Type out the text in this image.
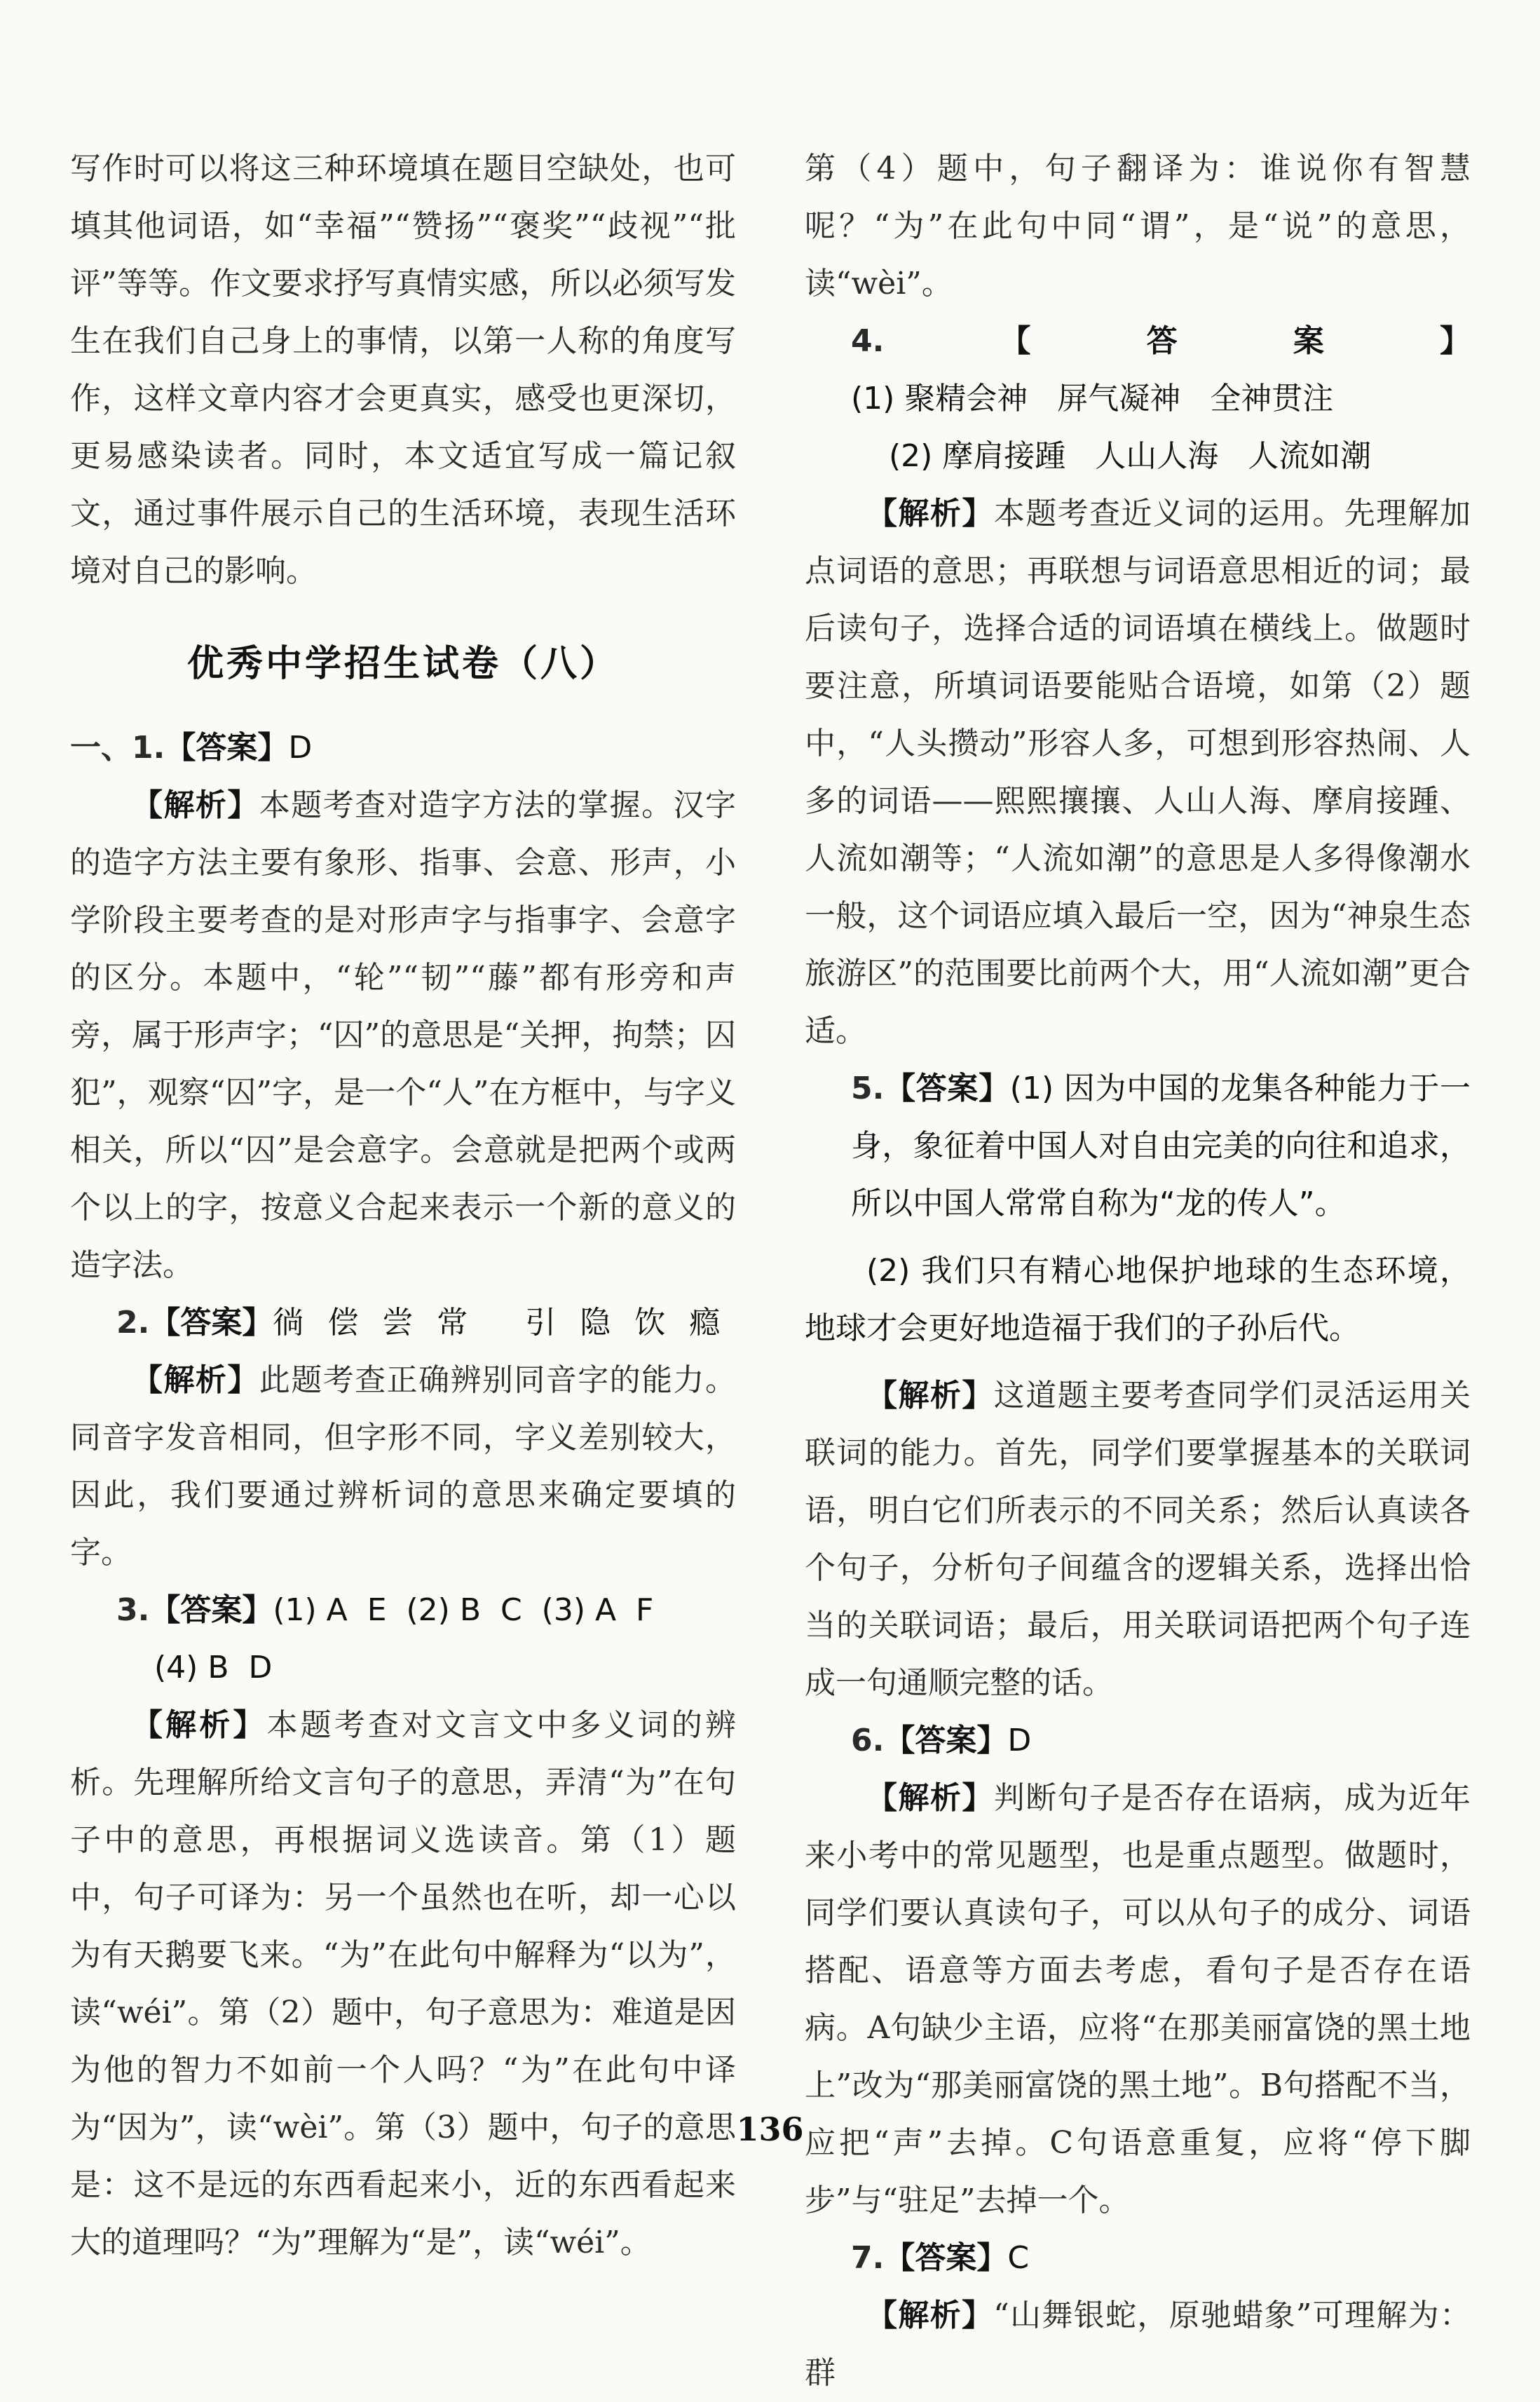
写作时可以将这三种环境填在题目空缺处，也可填其他词语，如“幸福”“赞扬”“褒奖”“歧视”“批评”等等。作文要求抒写真情实感，所以必须写发生在我们自己身上的事情，以第一人称的角度写作，这样文章内容才会更真实，感受也更深切，更易感染读者。同时，本文适宜写成一篇记叙文，通过事件展示自己的生活环境，表现生活环境对自己的影响。

优秀中学招生试卷（八）

一、1.【答案】D

【解析】本题考查对造字方法的掌握。汉字的造字方法主要有象形、指事、会意、形声，小学阶段主要考查的是对形声字与指事字、会意字的区分。本题中，“轮”“韧”“藤”都有形旁和声旁，属于形声字；“囚”的意思是“关押，拘禁；囚犯”，观察“囚”字，是一个“人”在方框中，与字义相关，所以“囚”是会意字。会意就是把两个或两个以上的字，按意义合起来表示一个新的意义的造字法。

2.【答案】徜 偿 尝 常   引 隐 饮 瘾

【解析】此题考查正确辨别同音字的能力。同音字发音相同，但字形不同，字义差别较大，因此，我们要通过辨析词的意思来确定要填的字。

3.【答案】(1) A  E  (2) B  C  (3) A  F

(4) B  D

【解析】本题考查对文言文中多义词的辨析。先理解所给文言句子的意思，弄清“为”在句子中的意思，再根据词义选读音。第（1）题中，句子可译为：另一个虽然也在听，却一心以为有天鹅要飞来。“为”在此句中解释为“以为”，读“wéi”。第（2）题中，句子意思为：难道是因为他的智力不如前一个人吗？“为”在此句中译为“因为”，读“wèi”。第（3）题中，句子的意思是：这不是远的东西看起来小，近的东西看起来大的道理吗？“为”理解为“是”，读“wéi”。

第（4）题中，句子翻译为：谁说你有智慧呢？“为”在此句中同“谓”，是“说”的意思，读“wèi”。

4.【答案】(1) 聚精会神   屏气凝神   全神贯注

(2) 摩肩接踵   人山人海   人流如潮

【解析】本题考查近义词的运用。先理解加点词语的意思；再联想与词语意思相近的词；最后读句子，选择合适的词语填在横线上。做题时要注意，所填词语要能贴合语境，如第（2）题中，“人头攒动”形容人多，可想到形容热闹、人多的词语——熙熙攘攘、人山人海、摩肩接踵、人流如潮等；“人流如潮”的意思是人多得像潮水一般，这个词语应填入最后一空，因为“神泉生态旅游区”的范围要比前两个大，用“人流如潮”更合适。

5.【答案】(1) 因为中国的龙集各种能力于一身，象征着中国人对自由完美的向往和追求，所以中国人常常自称为“龙的传人”。

(2) 我们只有精心地保护地球的生态环境，地球才会更好地造福于我们的子孙后代。

【解析】这道题主要考查同学们灵活运用关联词的能力。首先，同学们要掌握基本的关联词语，明白它们所表示的不同关系；然后认真读各个句子，分析句子间蕴含的逻辑关系，选择出恰当的关联词语；最后，用关联词语把两个句子连成一句通顺完整的话。

6.【答案】D

【解析】判断句子是否存在语病，成为近年来小考中的常见题型，也是重点题型。做题时，同学们要认真读句子，可以从句子的成分、词语搭配、语意等方面去考虑，看句子是否存在语病。A句缺少主语，应将“在那美丽富饶的黑土地上”改为“那美丽富饶的黑土地”。B句搭配不当，应把“声”去掉。C句语意重复，应将“停下脚步”与“驻足”去掉一个。

7.【答案】C

【解析】“山舞银蛇，原驰蜡象”可理解为：群

136
